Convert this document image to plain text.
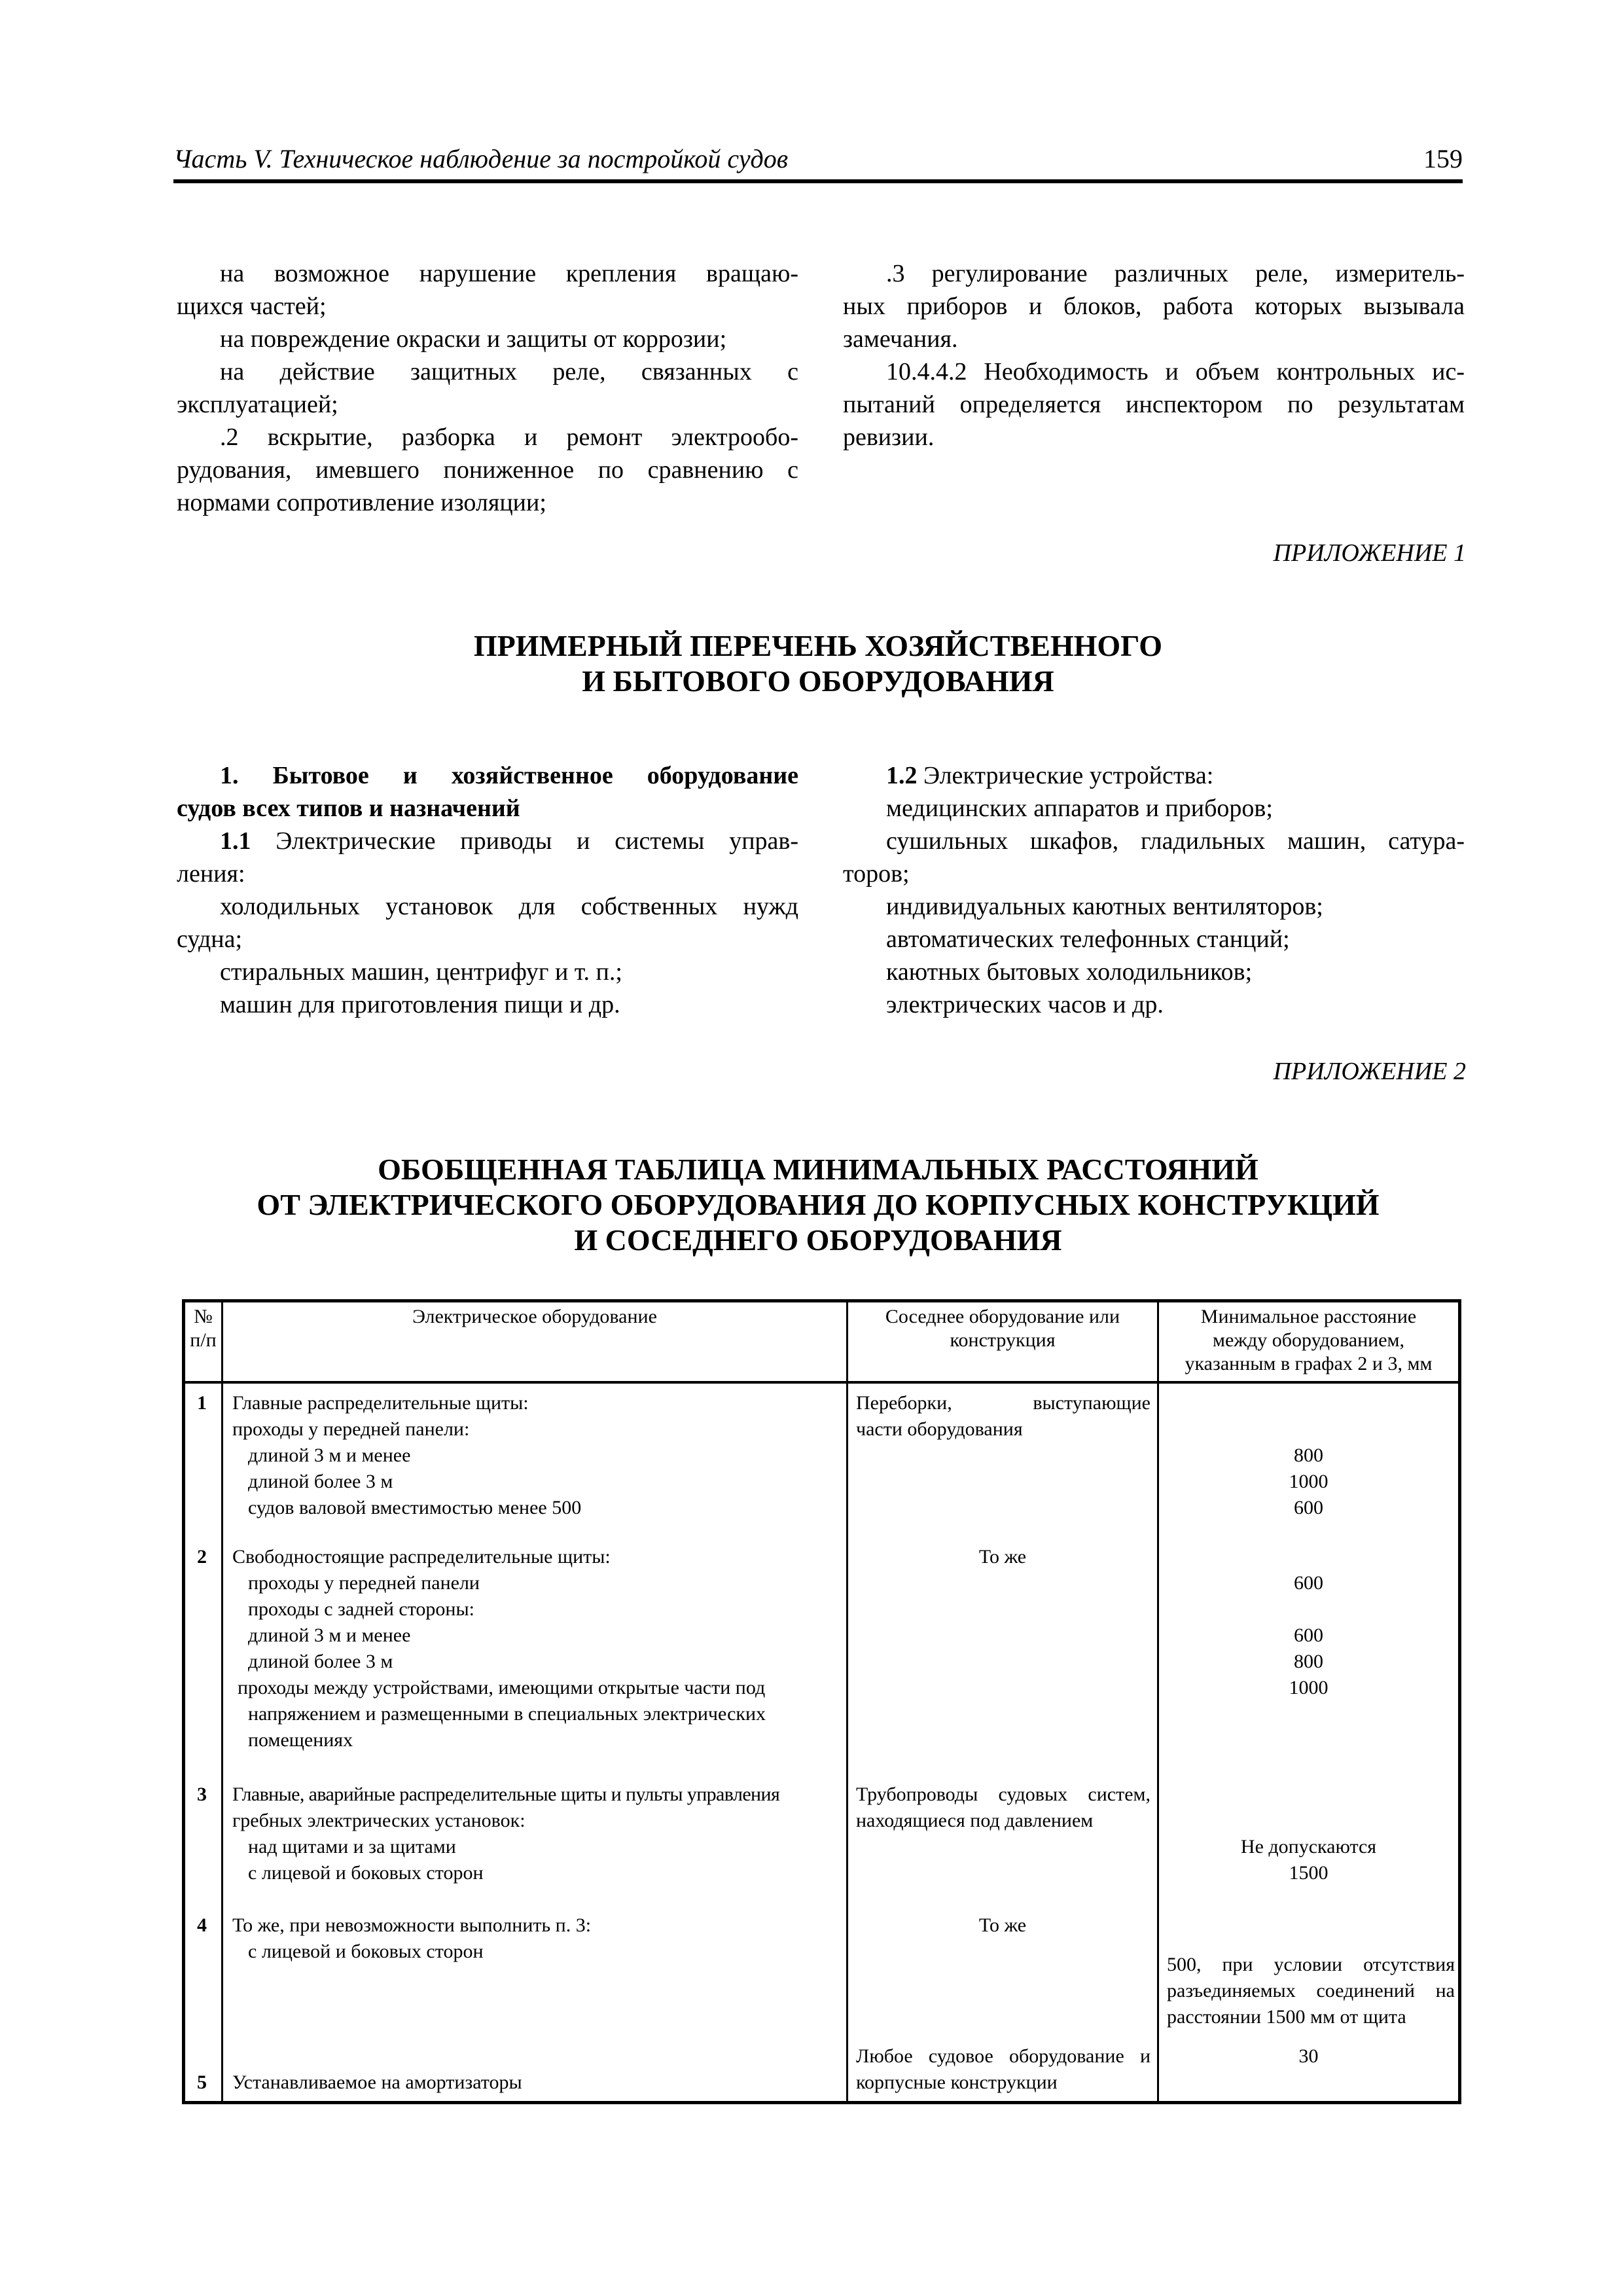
Часть V. Техническое наблюдение за постройкой судов	159

на возможное нарушение крепления вращаю-

щихся частей;

на повреждение окраски и защиты от коррозии;

на действие защитных реле, связанных с

эксплуатацией;

.2 вскрытие, разборка и ремонт электрообо-

рудования, имевшего пониженное по сравнению с

нормами сопротивление изоляции;

.3 регулирование различных реле, измеритель-

ных приборов и блоков, работа которых вызывала

замечания.

10.4.4.2 Необходимость и объем контрольных ис-

пытаний определяется инспектором по результатам

ревизии.

ПРИЛОЖЕНИЕ 1
ПРИМЕРНЫЙ ПЕРЕЧЕНЬ ХОЗЯЙСТВЕННОГО
И БЫТОВОГО ОБОРУДОВАНИЯ

1. Бытовое и хозяйственное оборудование

судов всех типов и назначений

1.1 Электрические приводы и системы управ-

ления:

холодильных установок для собственных нужд

судна;

стиральных машин, центрифуг и т. п.;

машин для приготовления пищи и др.

1.2 Электрические устройства:

медицинских аппаратов и приборов;

сушильных шкафов, гладильных машин, сатура-

торов;

индивидуальных каютных вентиляторов;

автоматических телефонных станций;

каютных бытовых холодильников;

электрических часов и др.

ПРИЛОЖЕНИЕ 2
ОБОБЩЕННАЯ ТАБЛИЦА МИНИМАЛЬНЫХ РАССТОЯНИЙ
ОТ ЭЛЕКТРИЧЕСКОГО ОБОРУДОВАНИЯ ДО КОРПУСНЫХ КОНСТРУКЦИЙ
И СОСЕДНЕГО ОБОРУДОВАНИЯ
№
п/п
Электрическое оборудование	Соседнее оборудование или
конструкция
Минимальное расстояние
между оборудованием,
указанным в графах 2 и 3, мм
1
2
3
4
5
Главные распределительные щиты:
проходы у передней панели:
длиной 3 м и менее
длиной более 3 м
судов валовой вместимостью менее 500
Свободностоящие распределительные щиты:
проходы у передней панели
проходы с задней стороны:
длиной 3 м и менее
длиной более 3 м
проходы между устройствами, имеющими открытые части под
напряжением и размещенными в специальных электрических
помещениях
Главные, аварийные распределительные щиты и пульты управления
гребных электрических установок:
над щитами и за щитами
с лицевой и боковых сторон
То же, при невозможности выполнить п. 3:
с лицевой и боковых сторон
Устанавливаемое на амортизаторы
Переборки, выступающие
части оборудования
То же
Трубопроводы судовых систем,
находящиеся под давлением
То же
Любое судовое оборудование и
корпусные конструкции
800
1000
600
600
600
800
1000
Не допускаются
1500
500, при условии отсутствия
разъединяемых соединений на
расстоянии 1500 мм от щита
30
